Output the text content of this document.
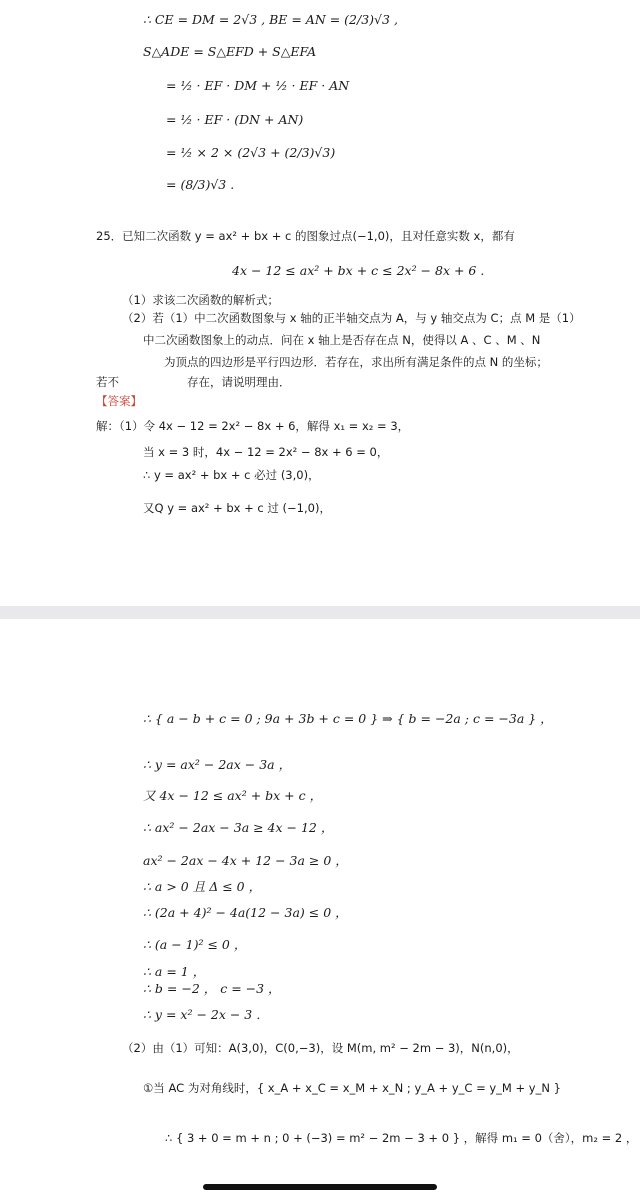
∴ CE = DM = 2√3 , BE = AN = (2/3)√3 ,
S△ADE = S△EFD + S△EFA
= ½ · EF · DM + ½ · EF · AN
= ½ · EF · (DN + AN)
= ½ × 2 × (2√3 + (2/3)√3)
= (8/3)√3 .
25．已知二次函数 y = ax² + bx + c 的图象过点(−1,0)，且对任意实数 x，都有
4x − 12 ≤ ax² + bx + c ≤ 2x² − 8x + 6 .
（1）求该二次函数的解析式；
（2）若（1）中二次函数图象与 x 轴的正半轴交点为 A，与 y 轴交点为 C；点 M 是（1）
中二次函数图象上的动点．问在 x 轴上是否存在点 N，使得以 A 、C 、M 、N
为顶点的四边形是平行四边形．若存在，求出所有满足条件的点 N 的坐标；
若不	存在，请说明理由．
【答案】
解：（1）令 4x − 12 = 2x² − 8x + 6，解得 x₁ = x₂ = 3，
当 x = 3 时，4x − 12 = 2x² − 8x + 6 = 0，
∴ y = ax² + bx + c 必过 (3,0)，
又Q y = ax² + bx + c 过 (−1,0)，
∴ { a − b + c = 0 ; 9a + 3b + c = 0 } ⇒ { b = −2a ; c = −3a } ，
∴ y = ax² − 2ax − 3a ，
又 4x − 12 ≤ ax² + bx + c ，
∴ ax² − 2ax − 3a ≥ 4x − 12 ，
ax² − 2ax − 4x + 12 − 3a ≥ 0 ，
∴ a > 0 且 Δ ≤ 0 ，
∴ (2a + 4)² − 4a(12 − 3a) ≤ 0 ，
∴ (a − 1)² ≤ 0 ，
∴ a = 1 ，
∴ b = −2 ， c = −3 ，
∴ y = x² − 2x − 3 ．
（2）由（1）可知：A(3,0)，C(0,−3)，设 M(m, m² − 2m − 3)，N(n,0)，
①当 AC 为对角线时，{ x_A + x_C = x_M + x_N ; y_A + y_C = y_M + y_N }
∴ { 3 + 0 = m + n ; 0 + (−3) = m² − 2m − 3 + 0 } ，解得 m₁ = 0（舍），m₂ = 2 ，
